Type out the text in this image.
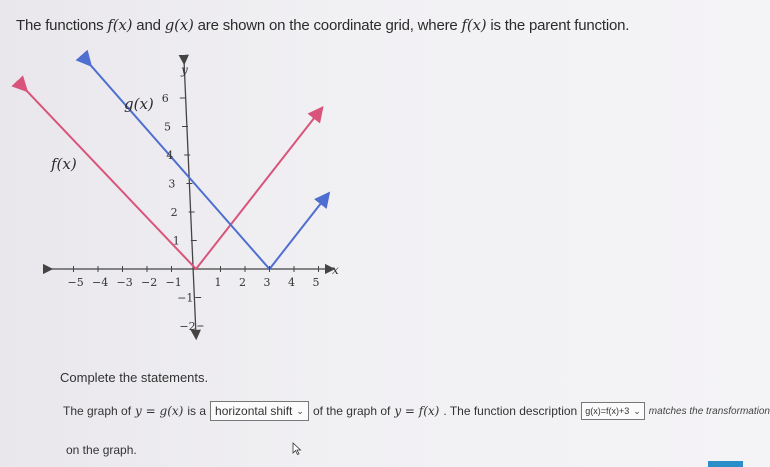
The functions f(x) and g(x) are shown on the coordinate grid, where f(x) is the parent function.
−5 −4 −3 −2 −1	1 2 3 4 5
6
5
4
3
2
1
−1
−2
y
x
g(x)
f(x)
Complete the statements.
The graph of y = g(x) is a horizontal shift ⌄ of the graph of y = f(x) . The function description g(x)=f(x)+3 ⌄ matches the transformation
on the graph.
